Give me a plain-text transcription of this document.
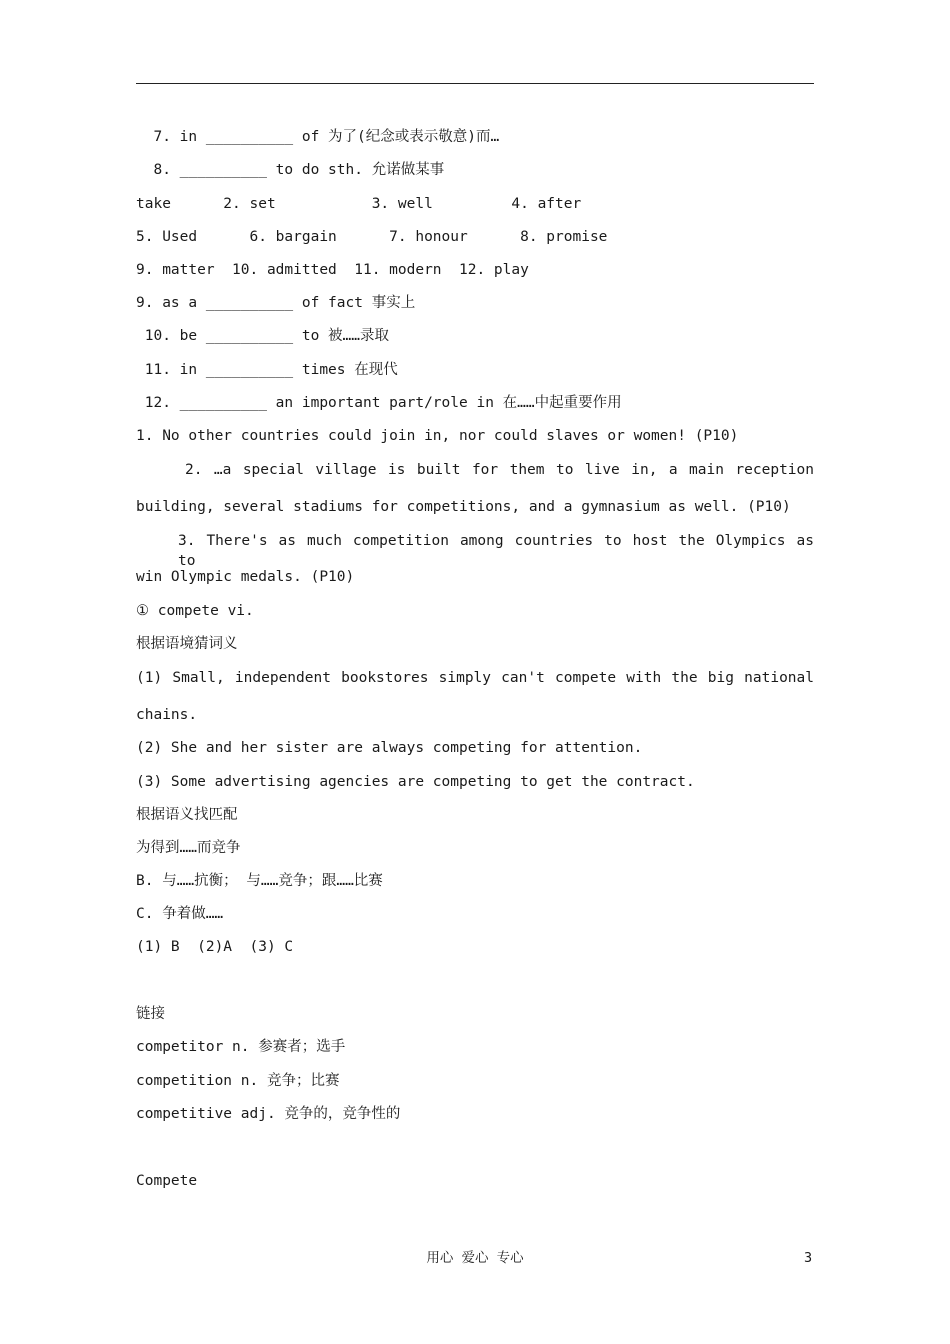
7. in __________ of 为了(纪念或表示敬意)而…
8. __________ to do sth. 允诺做某事
take      2. set           3. well         4. after
5. Used      6. bargain      7. honour      8. promise
9. matter  10. admitted  11. modern  12. play
9. as a __________ of fact 事实上
10. be __________ to 被……录取
11. in __________ times 在现代
12. __________ an important part/role in 在……中起重要作用
1. No other countries could join in, nor could slaves or women! (P10)
2. …a special village is built for them to live in, a main reception
building, several stadiums for competitions, and a gymnasium as well. (P10)
3. There's as much competition among countries to host the Olympics as to
win Olympic medals. (P10)
① compete vi.
根据语境猜词义
(1) Small, independent bookstores simply can't compete with the big national
chains.
(2) She and her sister are always competing for attention.
(3) Some advertising agencies are competing to get the contract.
根据语义找匹配
为得到……而竞争
B. 与……抗衡； 与……竞争；跟……比赛
C. 争着做……
(1) B  (2)A  (3) C
链接
competitor n. 参赛者；选手
competition n. 竞争；比赛
competitive adj. 竞争的，竞争性的
Compete
用心 爱心 专心	3
